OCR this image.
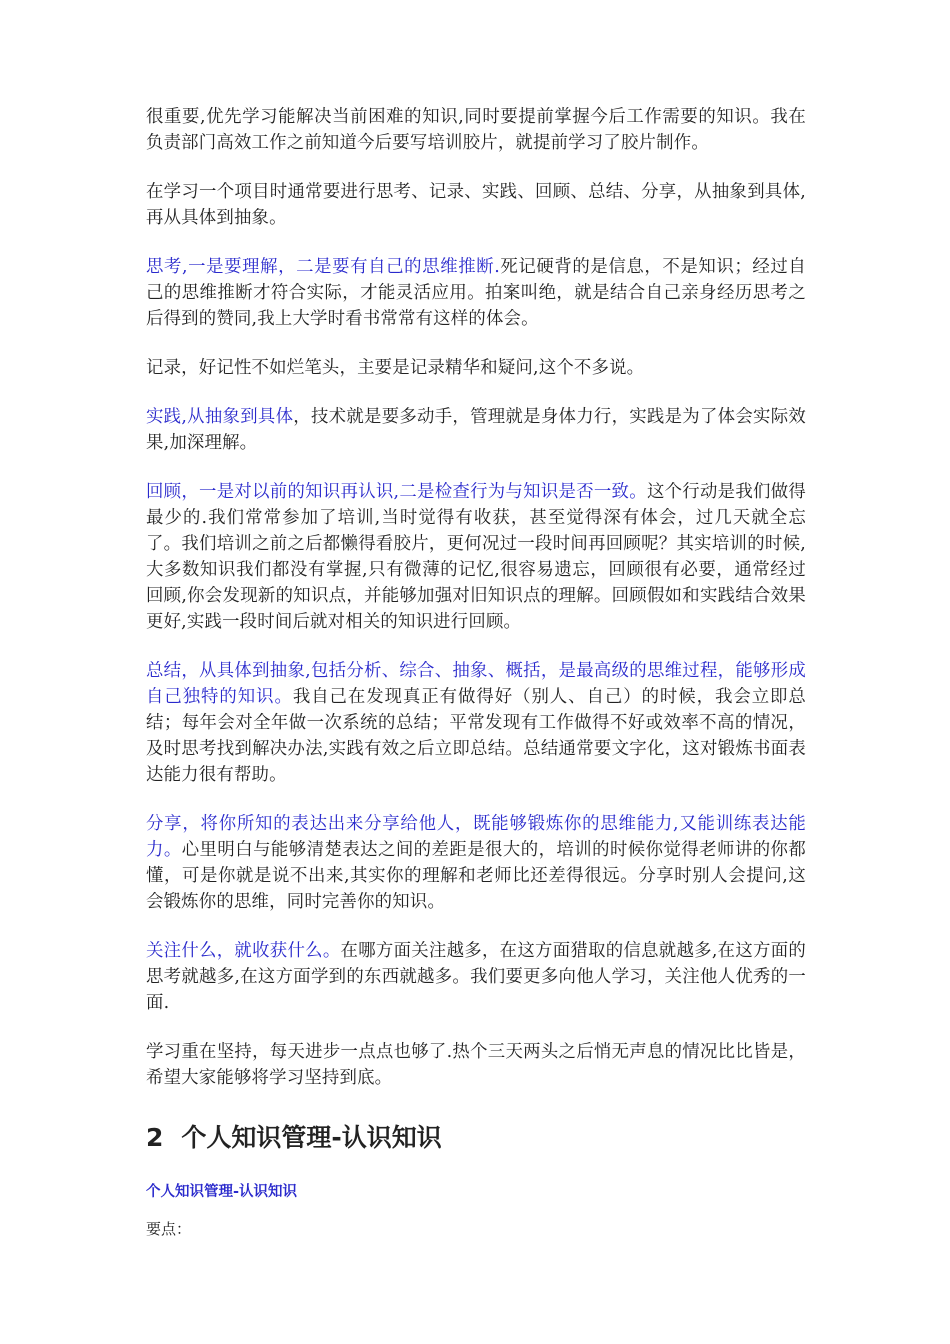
很重要,优先学习能解决当前困难的知识,同时要提前掌握今后工作需要的知识。我在负责部门高效工作之前知道今后要写培训胶片，就提前学习了胶片制作。

在学习一个项目时通常要进行思考、记录、实践、回顾、总结、分享，从抽象到具体,再从具体到抽象。

思考,一是要理解，二是要有自己的思维推断.死记硬背的是信息，不是知识；经过自己的思维推断才符合实际，才能灵活应用。拍案叫绝，就是结合自己亲身经历思考之后得到的赞同,我上大学时看书常常有这样的体会。

记录，好记性不如烂笔头，主要是记录精华和疑问,这个不多说。

实践,从抽象到具体，技术就是要多动手，管理就是身体力行，实践是为了体会实际效果,加深理解。

回顾，一是对以前的知识再认识,二是检查行为与知识是否一致。这个行动是我们做得最少的.我们常常参加了培训,当时觉得有收获，甚至觉得深有体会，过几天就全忘了。我们培训之前之后都懒得看胶片，更何况过一段时间再回顾呢？其实培训的时候,大多数知识我们都没有掌握,只有微薄的记忆,很容易遗忘，回顾很有必要，通常经过回顾,你会发现新的知识点，并能够加强对旧知识点的理解。回顾假如和实践结合效果更好,实践一段时间后就对相关的知识进行回顾。

总结，从具体到抽象,包括分析、综合、抽象、概括，是最高级的思维过程，能够形成自己独特的知识。我自己在发现真正有做得好（别人、自己）的时候，我会立即总结；每年会对全年做一次系统的总结；平常发现有工作做得不好或效率不高的情况，及时思考找到解决办法,实践有效之后立即总结。总结通常要文字化，这对锻炼书面表达能力很有帮助。

分享，将你所知的表达出来分享给他人，既能够锻炼你的思维能力,又能训练表达能力。心里明白与能够清楚表达之间的差距是很大的，培训的时候你觉得老师讲的你都懂，可是你就是说不出来,其实你的理解和老师比还差得很远。分享时别人会提问,这会锻炼你的思维，同时完善你的知识。

关注什么，就收获什么。在哪方面关注越多，在这方面猎取的信息就越多,在这方面的思考就越多,在这方面学到的东西就越多。我们要更多向他人学习，关注他人优秀的一面.

学习重在坚持，每天进步一点点也够了.热个三天两头之后悄无声息的情况比比皆是，希望大家能够将学习坚持到底。

2 个人知识管理-认识知识
个人知识管理-认识知识

要点：
